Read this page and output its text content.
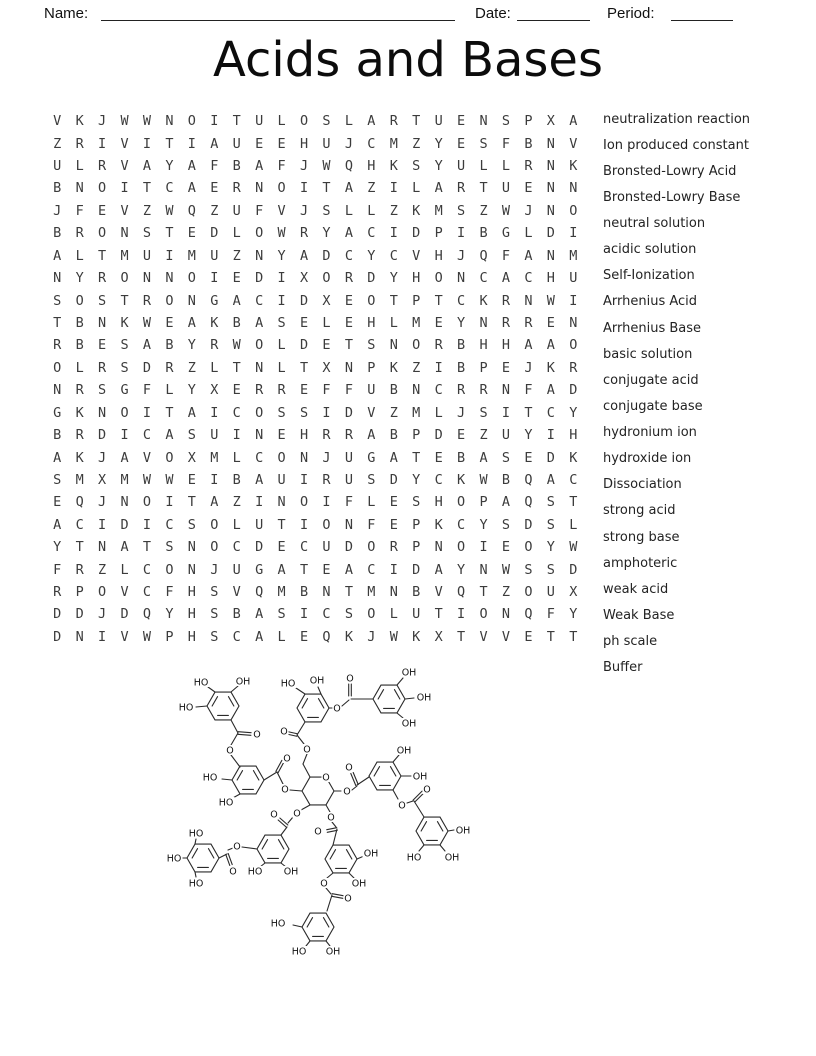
Name:	Date:	Period:
Acids and Bases
V	K	J	W	W	N	O	I	T	U	L	O	S	L	A	R	T	U	E	N	S	P	X	A
Z	R	I	V	I	T	I	A	U	E	E	H	U	J	C	M	Z	Y	E	S	F	B	N	V
U	L	R	V	A	Y	A	F	B	A	F	J	W	Q	H	K	S	Y	U	L	L	R	N	K
B	N	O	I	T	C	A	E	R	N	O	I	T	A	Z	I	L	A	R	T	U	E	N	N
J	F	E	V	Z	W	Q	Z	U	F	V	J	S	L	L	Z	K	M	S	Z	W	J	N	O
B	R	O	N	S	T	E	D	L	O	W	R	Y	A	C	I	D	P	I	B	G	L	D	I
A	L	T	M	U	I	M	U	Z	N	Y	A	D	C	Y	C	V	H	J	Q	F	A	N	M
N	Y	R	O	N	N	O	I	E	D	I	X	O	R	D	Y	H	O	N	C	A	C	H	U
S	O	S	T	R	O	N	G	A	C	I	D	X	E	O	T	P	T	C	K	R	N	W	I
T	B	N	K	W	E	A	K	B	A	S	E	L	E	H	L	M	E	Y	N	R	R	E	N
R	B	E	S	A	B	Y	R	W	O	L	D	E	T	S	N	O	R	B	H	H	A	A	O
O	L	R	S	D	R	Z	L	T	N	L	T	X	N	P	K	Z	I	B	P	E	J	K	R
N	R	S	G	F	L	Y	X	E	R	R	E	F	F	U	B	N	C	R	R	N	F	A	D
G	K	N	O	I	T	A	I	C	O	S	S	I	D	V	Z	M	L	J	S	I	T	C	Y
B	R	D	I	C	A	S	U	I	N	E	H	R	R	A	B	P	D	E	Z	U	Y	I	H
A	K	J	A	V	O	X	M	L	C	O	N	J	U	G	A	T	E	B	A	S	E	D	K
S	M	X	M	W	W	E	I	B	A	U	I	R	U	S	D	Y	C	K	W	B	Q	A	C
E	Q	J	N	O	I	T	A	Z	I	N	O	I	F	L	E	S	H	O	P	A	Q	S	T
A	C	I	D	I	C	S	O	L	U	T	I	O	N	F	E	P	K	C	Y	S	D	S	L
Y	T	N	A	T	S	N	O	C	D	E	C	U	D	O	R	P	N	O	I	E	O	Y	W
F	R	Z	L	C	O	N	J	U	G	A	T	E	A	C	I	D	A	Y	N	W	S	S	D
R	P	O	V	C	F	H	S	V	Q	M	B	N	T	M	N	B	V	Q	T	Z	O	U	X
D	D	J	D	Q	Y	H	S	B	A	S	I	C	S	O	L	U	T	I	O	N	Q	F	Y
D	N	I	V	W	P	H	S	C	A	L	E	Q	K	J	W	K	X	T	V	V	E	T	T
neutralization reaction
Ion produced constant
Bronsted-Lowry Acid
Bronsted-Lowry Base
neutral solution
acidic solution
Self-Ionization
Arrhenius Acid
Arrhenius Base
basic solution
conjugate acid
conjugate base
hydronium ion
hydroxide ion
Dissociation
strong acid
strong base
amphoteric
weak acid
Weak Base
ph scale
Buffer
HO	OH
HO
O
O
HO OH
O
O
O
O
OH
OH
OH
HO
HO
O
O
O
O
O
OH
OH
O
O
OH
HO OH
HO
HO
HO
O
O HO OH
O O	O
O
OH
OH
O
O
HO
HO OH
